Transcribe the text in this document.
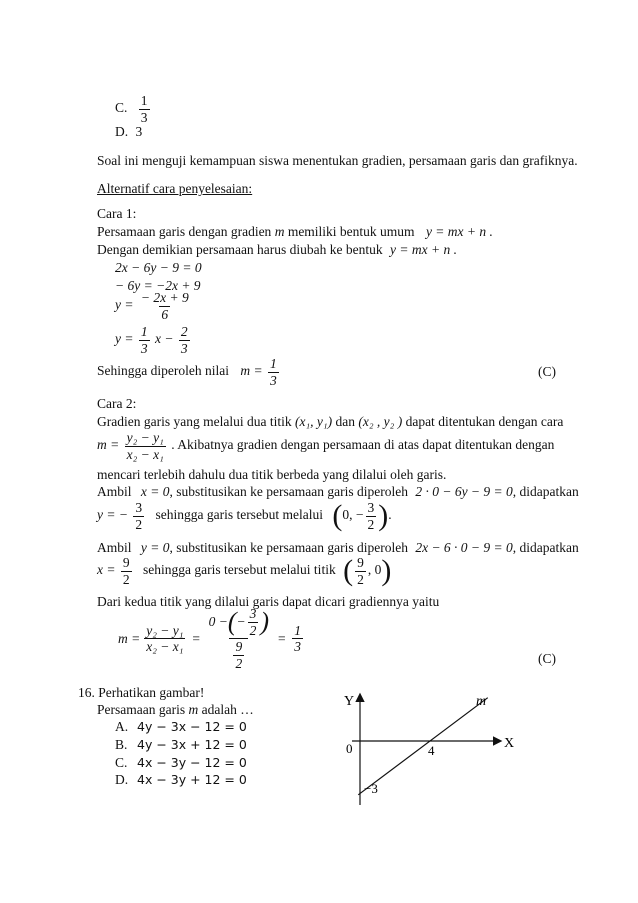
C. $\frac{1}{3}$
D. 3
Soal ini menguji kemampuan siswa menentukan gradien, persamaan garis dan grafiknya.
Alternatif cara penyelesaian:
Cara 1:
Persamaan garis dengan gradien m memiliki bentuk umum y = mx + n .
Dengan demikian persamaan harus diubah ke bentuk y = mx + n .
2x − 6y − 9 = 0
− 6y = −2x + 9
$y = \frac{- 2x + 9}{6}$
$y = \frac{1}{3}$ $x - \frac{2}{3}$
Sehingga diperoleh nilai $m = \frac{1}{3}$	(C)
Cara 2:
Gradien garis yang melalui dua titik (x₁, y₁) dan (x₂ , y₂ ) dapat ditentukan dengan cara
$m = \frac{\text{y₂ − y₁}}{\text{x₂ − x₁}}$ . Akibatnya gradien dengan persamaan di atas dapat ditentukan dengan
mencari terlebih dahulu dua titik berbeda yang dilalui oleh garis.
Ambil x = 0, substitusikan ke persamaan garis diperoleh 2 · 0 − 6y − 9 = 0, didapatkan
y = − $\frac{3}{2}$ sehingga garis tersebut melalui (0, − $\frac{3}{2}$ ).
Ambil y = 0, substitusikan ke persamaan garis diperoleh 2x − 6 · 0 − 9 = 0, didapatkan
$x = \frac{9}{2}$ sehingga garis tersebut melalui titik ( $\frac{9}{2}$ , 0)
Dari kedua titik yang dilalui garis dapat dicari gradiennya yaitu
$m = \frac{\text{y₂ − y₁}}{\text{x₂ − x₁}}$ =
0 − ( − $\frac{3}{2}$ )
$\frac{9}{2}$
= $\frac{1}{3}$
(C)
16. Perhatikan gambar!
Persamaan garis m adalah …
A. 4y − 3x − 12 = 0
B. 4y − 3x + 12 = 0
C. 4x − 3y − 12 = 0
D. 4x − 3y + 12 = 0
Y
X
0	4
−3
m
